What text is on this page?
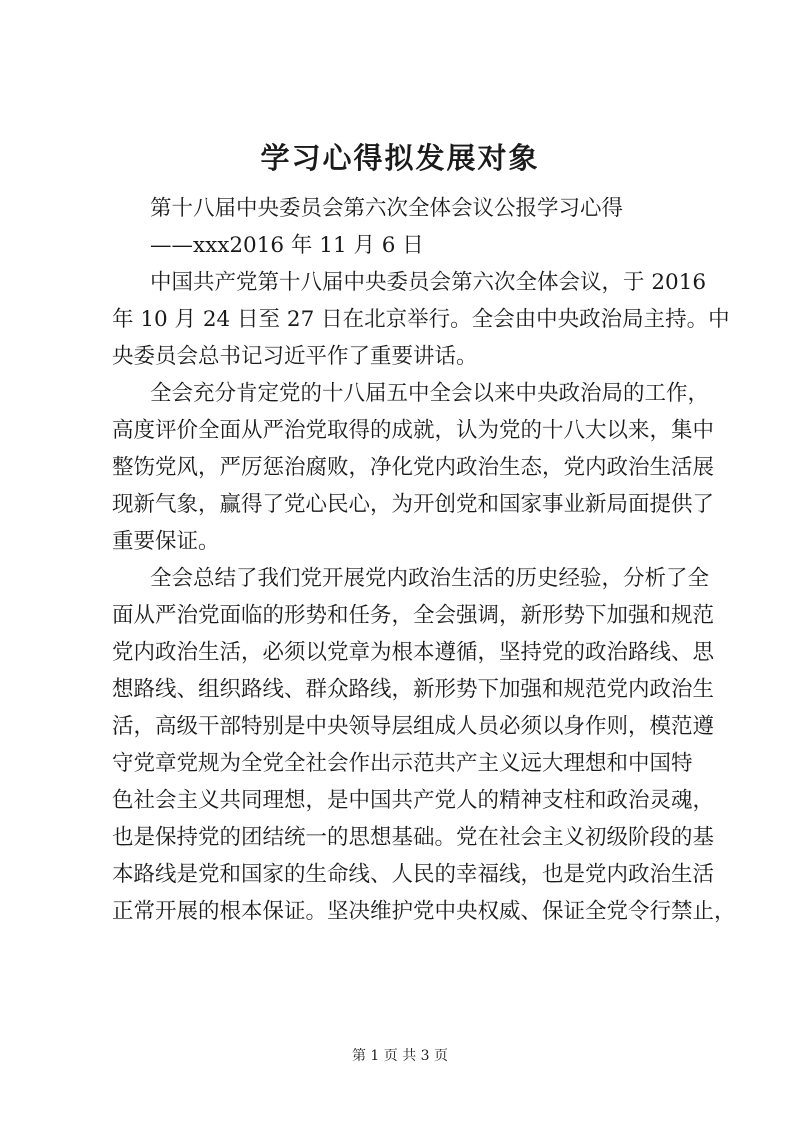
学习心得拟发展对象

第十八届中央委员会第六次全体会议公报学习心得

——xxx2016 年 11 月 6 日

中国共产党第十八届中央委员会第六次全体会议，于 2016

年 10 月 24 日至 27 日在北京举行。全会由中央政治局主持。中

央委员会总书记习近平作了重要讲话。

全会充分肯定党的十八届五中全会以来中央政治局的工作，

高度评价全面从严治党取得的成就，认为党的十八大以来，集中

整饬党风，严厉惩治腐败，净化党内政治生态，党内政治生活展

现新气象，赢得了党心民心，为开创党和国家事业新局面提供了

重要保证。

全会总结了我们党开展党内政治生活的历史经验，分析了全

面从严治党面临的形势和任务，全会强调，新形势下加强和规范

党内政治生活，必须以党章为根本遵循，坚持党的政治路线、思

想路线、组织路线、群众路线，新形势下加强和规范党内政治生

活，高级干部特别是中央领导层组成人员必须以身作则，模范遵

守党章党规为全党全社会作出示范共产主义远大理想和中国特

色社会主义共同理想，是中国共产党人的精神支柱和政治灵魂，

也是保持党的团结统一的思想基础。党在社会主义初级阶段的基

本路线是党和国家的生命线、人民的幸福线，也是党内政治生活

正常开展的根本保证。坚决维护党中央权威、保证全党令行禁止，

第 1 页 共 3 页
